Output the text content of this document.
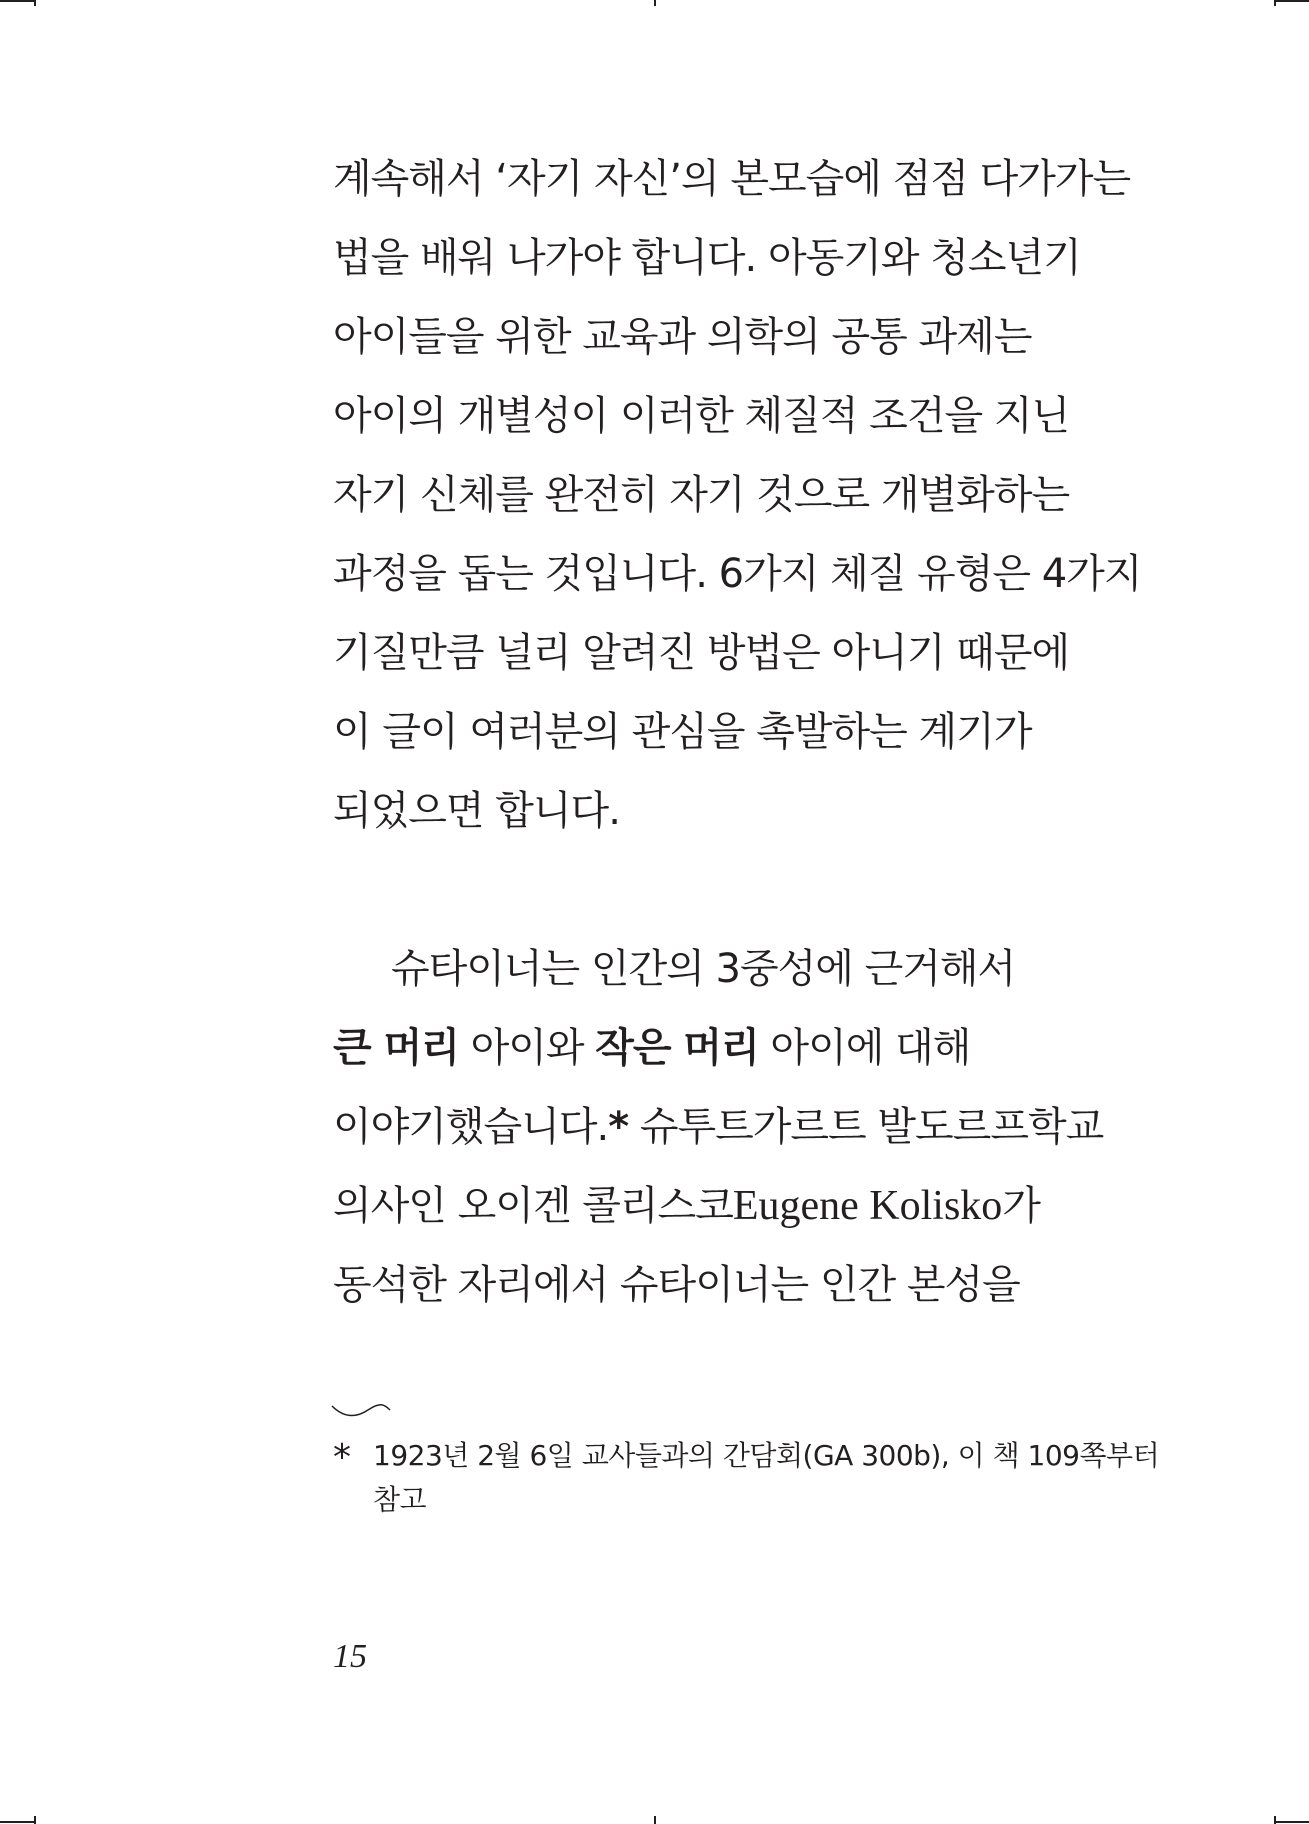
계속해서 ‘자기 자신’의 본모습에 점점 다가가는
법을 배워 나가야 합니다. 아동기와 청소년기
아이들을 위한 교육과 의학의 공통 과제는
아이의 개별성이 이러한 체질적 조건을 지닌
자기 신체를 완전히 자기 것으로 개별화하는
과정을 돕는 것입니다. 6가지 체질 유형은 4가지
기질만큼 널리 알려진 방법은 아니기 때문에
이 글이 여러분의 관심을 촉발하는 계기가
되었으면 합니다.
슈타이너는 인간의 3중성에 근거해서
큰 머리 아이와 작은 머리 아이에 대해
이야기했습니다.* 슈투트가르트 발도르프학교
의사인 오이겐 콜리스코Eugene Kolisko가
동석한 자리에서 슈타이너는 인간 본성을
* 1923년 2월 6일 교사들과의 간담회(GA 300b), 이 책 109쪽부터 참고
15
